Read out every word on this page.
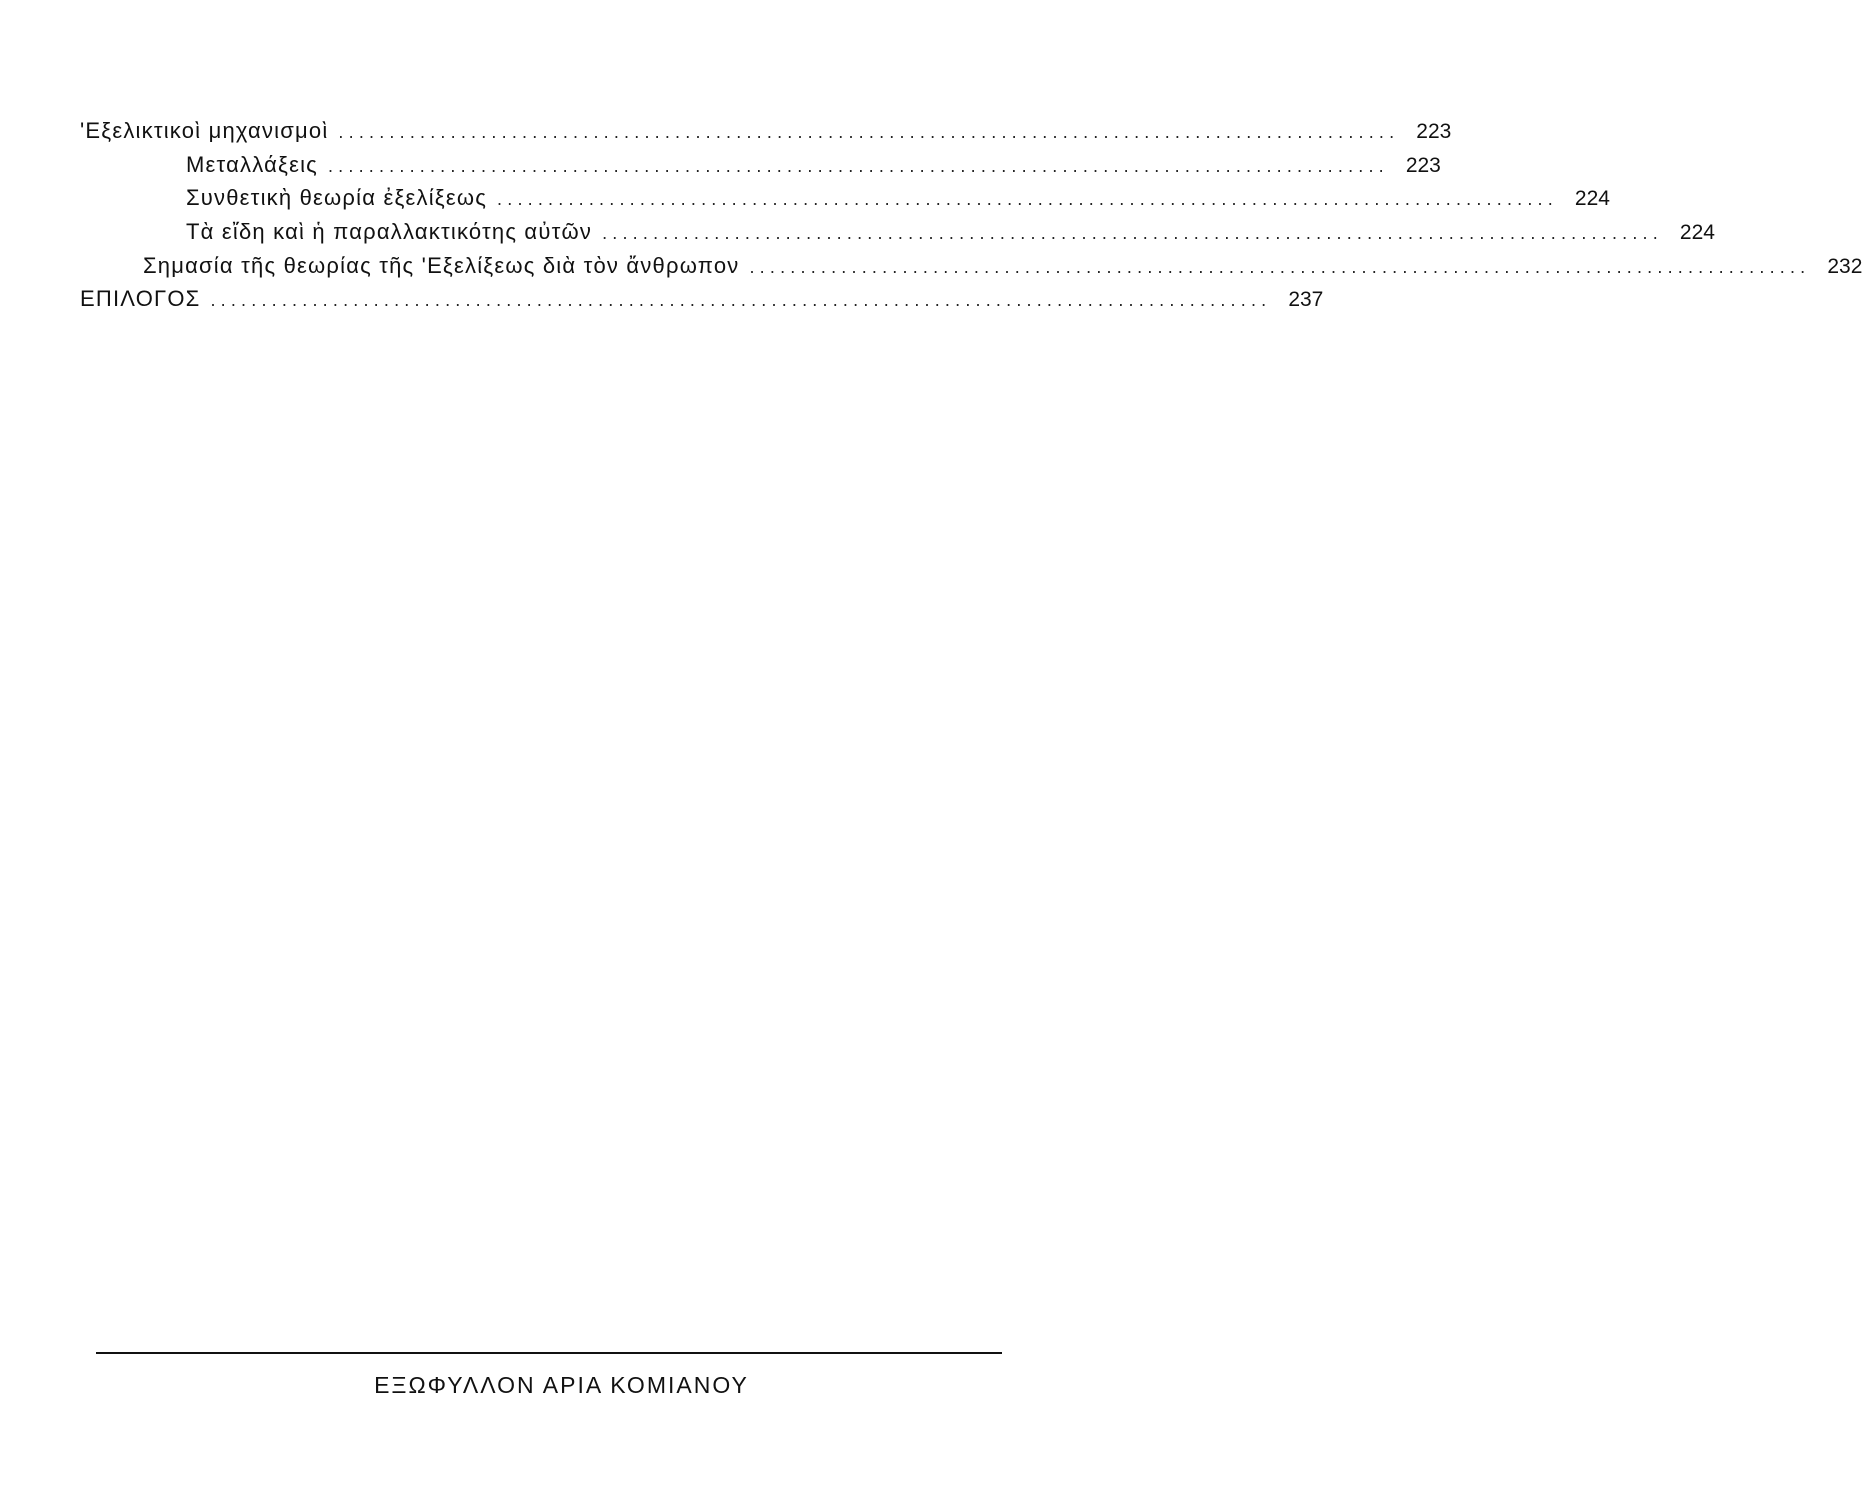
'Εξελικτικοὶ μηχανισμοὶ ........................................................................................................ 223
Μεταλλάξεις ........................................................................................................ 223
Συνθετικὴ θεωρία ἐξελίξεως ........................................................................................................ 224
Τὰ εἴδη καὶ ἡ παραλλακτικότης αὐτῶν ........................................................................................................ 224
Σημασία τῆς θεωρίας τῆς 'Εξελίξεως διὰ τὸν ἄνθρωπον ........................................................................................................ 232
ΕΠΙΛΟΓΟΣ ........................................................................................................ 237
ΕΞΩΦΥΛΛΟΝ ΑΡΙΑ ΚΟΜΙΑΝΟΥ
